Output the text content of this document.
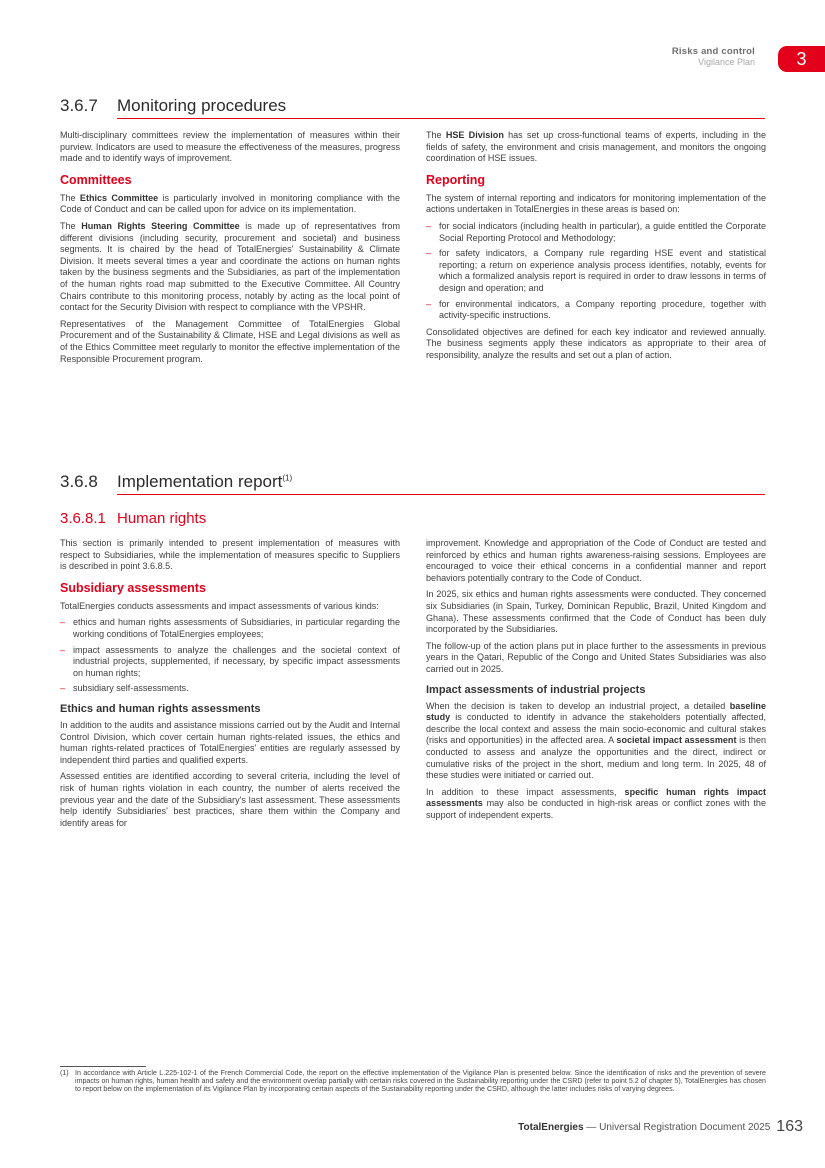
Risks and control
Vigilance Plan	3
3.6.7 Monitoring procedures

Multi-disciplinary committees review the implementation of measures within their purview. Indicators are used to measure the effectiveness of the measures, progress made and to identify ways of improvement.

Committees

The Ethics Committee is particularly involved in monitoring compliance with the Code of Conduct and can be called upon for advice on its implementation.

The Human Rights Steering Committee is made up of representatives from different divisions (including security, procurement and societal) and business segments. It is chaired by the head of TotalEnergies' Sustainability & Climate Division. It meets several times a year and coordinate the actions on human rights taken by the business segments and the Subsidiaries, as part of the implementation of the human rights road map submitted to the Executive Committee. All Country Chairs contribute to this monitoring process, notably by acting as the local point of contact for the Security Division with respect to compliance with the VPSHR.

Representatives of the Management Committee of TotalEnergies Global Procurement and of the Sustainability & Climate, HSE and Legal divisions as well as of the Ethics Committee meet regularly to monitor the effective implementation of the Responsible Procurement program.

The HSE Division has set up cross-functional teams of experts, including in the fields of safety, the environment and crisis management, and monitors the ongoing coordination of HSE issues.

Reporting

The system of internal reporting and indicators for monitoring implementation of the actions undertaken in TotalEnergies in these areas is based on:

– for social indicators (including health in particular), a guide entitled the Corporate Social Reporting Protocol and Methodology;
– for safety indicators, a Company rule regarding HSE event and statistical reporting; a return on experience analysis process identifies, notably, events for which a formalized analysis report is required in order to draw lessons in terms of design and operation; and
– for environmental indicators, a Company reporting procedure, together with activity-specific instructions.

Consolidated objectives are defined for each key indicator and reviewed annually. The business segments apply these indicators as appropriate to their area of responsibility, analyze the results and set out a plan of action.

3.6.8 Implementation report$^{(1)}$
3.6.8.1 Human rights

This section is primarily intended to present implementation of measures with respect to Subsidiaries, while the implementation of measures specific to Suppliers is described in point 3.6.8.5.

Subsidiary assessments

TotalEnergies conducts assessments and impact assessments of various kinds:

– ethics and human rights assessments of Subsidiaries, in particular regarding the working conditions of TotalEnergies employees;
– impact assessments to analyze the challenges and the societal context of industrial projects, supplemented, if necessary, by specific impact assessments on human rights;
– subsidiary self-assessments.
Ethics and human rights assessments

In addition to the audits and assistance missions carried out by the Audit and Internal Control Division, which cover certain human rights-related issues, the ethics and human rights-related practices of TotalEnergies' entities are regularly assessed by independent third parties and qualified experts.

Assessed entities are identified according to several criteria, including the level of risk of human rights violation in each country, the number of alerts received the previous year and the date of the Subsidiary's last assessment. These assessments help identify Subsidiaries' best practices, share them within the Company and identify areas for

improvement. Knowledge and appropriation of the Code of Conduct are tested and reinforced by ethics and human rights awareness-raising sessions. Employees are encouraged to voice their ethical concerns in a confidential manner and report behaviors potentially contrary to the Code of Conduct.

In 2025, six ethics and human rights assessments were conducted. They concerned six Subsidiaries (in Spain, Turkey, Dominican Republic, Brazil, United Kingdom and Ghana). These assessments confirmed that the Code of Conduct has been duly incorporated by the Subsidiaries.

The follow-up of the action plans put in place further to the assessments in previous years in the Qatari, Republic of the Congo and United States Subsidiaries was also carried out in 2025.

Impact assessments of industrial projects

When the decision is taken to develop an industrial project, a detailed baseline study is conducted to identify in advance the stakeholders potentially affected, describe the local context and assess the main socio-economic and cultural stakes (risks and opportunities) in the affected area. A societal impact assessment is then conducted to assess and analyze the opportunities and the direct, indirect or cumulative risks of the project in the short, medium and long term. In 2025, 48 of these studies were initiated or carried out.

In addition to these impact assessments, specific human rights impact assessments may also be conducted in high-risk areas or conflict zones with the support of independent experts.

(1) In accordance with Article L.225-102-1 of the French Commercial Code, the report on the effective implementation of the Vigilance Plan is presented below. Since the identification of risks and the prevention of severe impacts on human rights, human health and safety and the environment overlap partially with certain risks covered in the Sustainability reporting under the CSRD (refer to point 5.2 of chapter 5), TotalEnergies has chosen to report below on the implementation of its Vigilance Plan by incorporating certain aspects of the Sustainability reporting under the CSRD, although the latter includes risks of varying degrees.
TotalEnergies — Universal Registration Document 2025 163
